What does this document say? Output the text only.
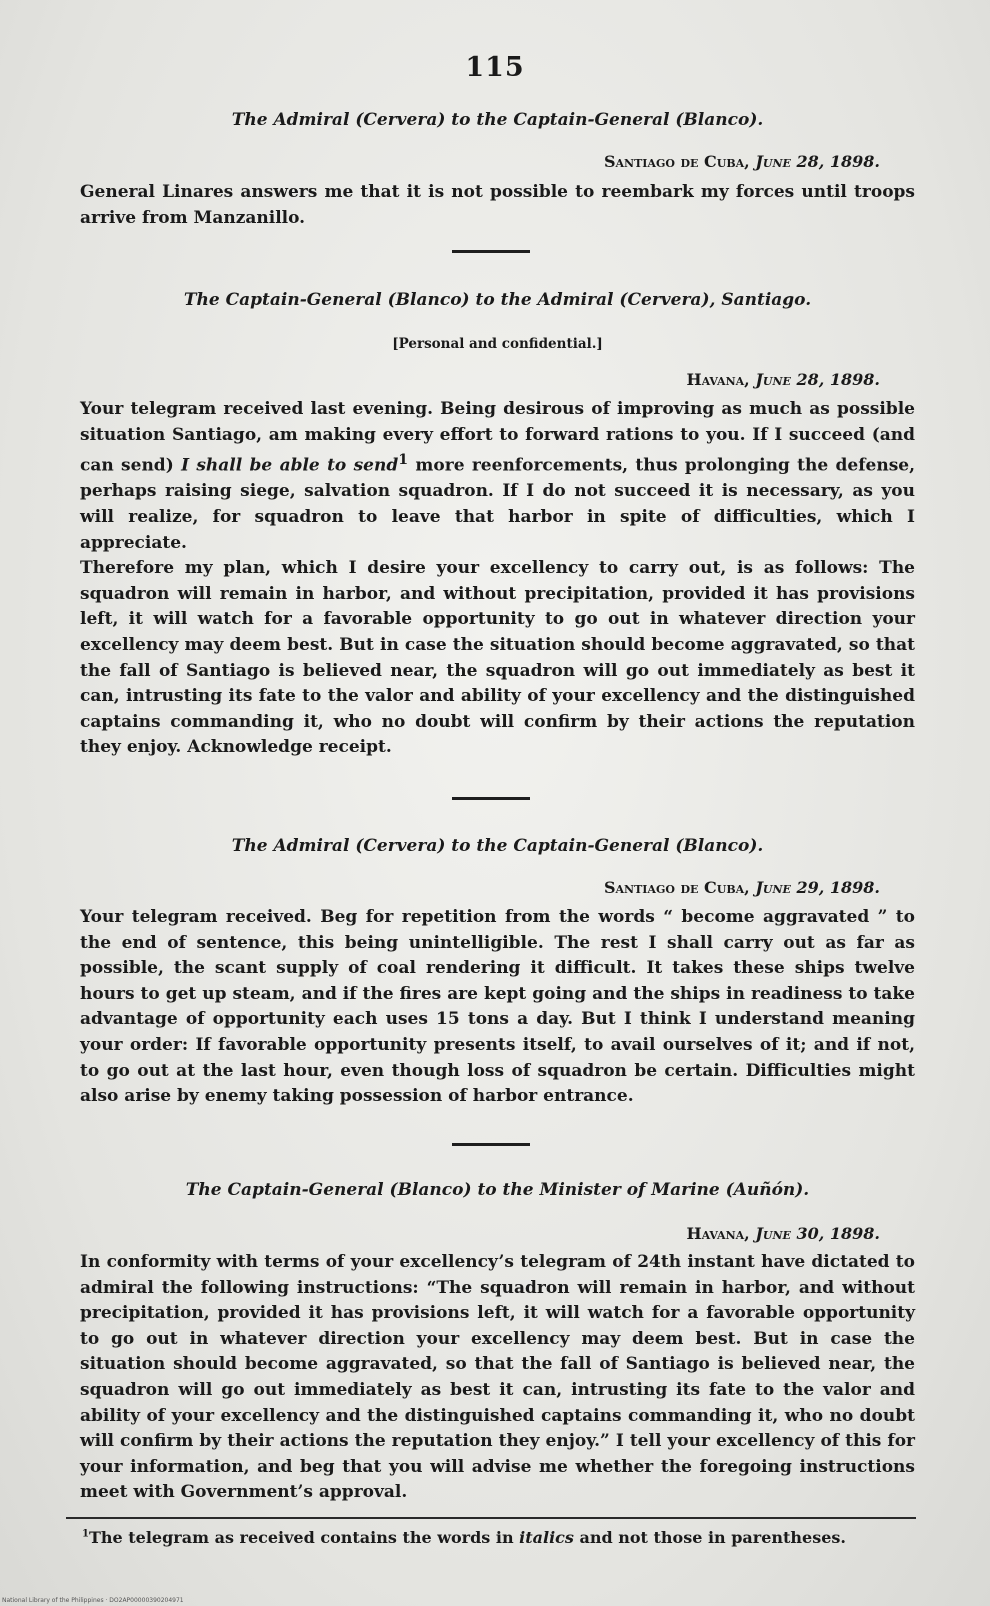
115
The Admiral (Cervera) to the Captain-General (Blanco).
Santiago de Cuba, June 28, 1898.

General Linares answers me that it is not possible to reembark my forces until troops arrive from Manzanillo.

The Captain-General (Blanco) to the Admiral (Cervera), Santiago.
[Personal and confidential.]
Havana, June 28, 1898.

Your telegram received last evening. Being desirous of improving as much as possible situation Santiago, am making every effort to forward rations to you. If I succeed (and can send) I shall be able to send$^1$ more reenforcements, thus prolonging the defense, perhaps raising siege, salvation squadron. If I do not succeed it is necessary, as you will realize, for squadron to leave that harbor in spite of difficulties, which I appreciate.

Therefore my plan, which I desire your excellency to carry out, is as follows: The squadron will remain in harbor, and without precipitation, provided it has provisions left, it will watch for a favorable opportunity to go out in whatever direction your excellency may deem best. But in case the situation should become aggravated, so that the fall of Santiago is believed near, the squadron will go out immediately as best it can, intrusting its fate to the valor and ability of your excellency and the distinguished captains commanding it, who no doubt will confirm by their actions the reputation they enjoy. Acknowledge receipt.

The Admiral (Cervera) to the Captain-General (Blanco).
Santiago de Cuba, June 29, 1898.

Your telegram received. Beg for repetition from the words “ become aggravated ” to the end of sentence, this being unintelligible. The rest I shall carry out as far as possible, the scant supply of coal rendering it difficult. It takes these ships twelve hours to get up steam, and if the fires are kept going and the ships in readiness to take advantage of opportunity each uses 15 tons a day. But I think I understand meaning your order: If favorable opportunity presents itself, to avail ourselves of it; and if not, to go out at the last hour, even though loss of squadron be certain. Difficulties might also arise by enemy taking possession of harbor entrance.

The Captain-General (Blanco) to the Minister of Marine (Auñón).
Havana, June 30, 1898.

In conformity with terms of your excellency’s telegram of 24th instant have dictated to admiral the following instructions: “The squadron will remain in harbor, and without precipitation, provided it has provisions left, it will watch for a favorable opportunity to go out in whatever direction your excellency may deem best. But in case the situation should become aggravated, so that the fall of Santiago is believed near, the squadron will go out immediately as best it can, intrusting its fate to the valor and ability of your excellency and the distinguished captains commanding it, who no doubt will confirm by their actions the reputation they enjoy.” I tell your excellency of this for your information, and beg that you will advise me whether the foregoing instructions meet with Government’s approval.

$^1$The telegram as received contains the words in italics and not those in parentheses.
National Library of the Philippines · DO2AP00000390204971
